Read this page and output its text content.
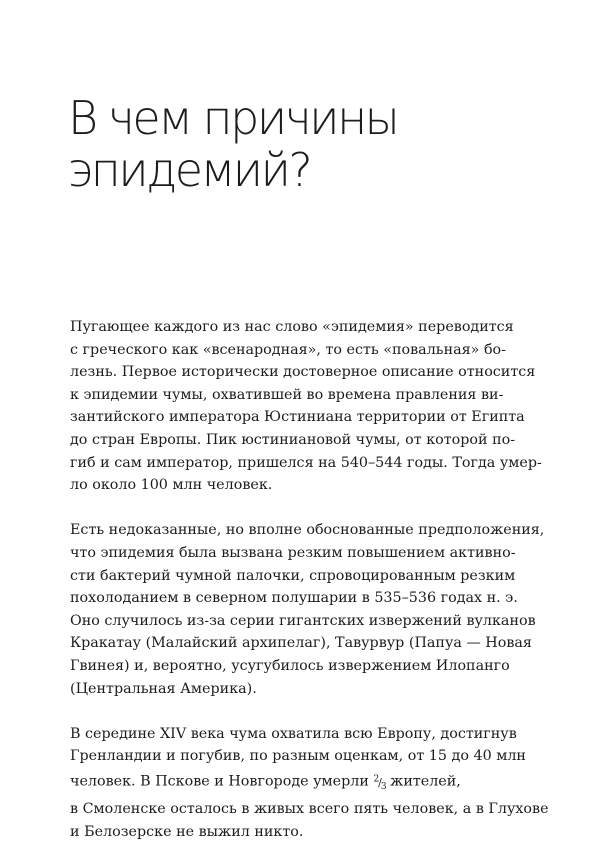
В чем причины
эпидемий?

Пугающее каждого из нас слово «эпидемия» переводится
с греческого как «всенародная», то есть «повальная» бо-
лезнь. Первое исторически достоверное описание относится
к эпидемии чумы, охватившей во времена правления ви-
зантийского императора Юстиниана территории от Египта
до стран Европы. Пик юстиниановой чумы, от которой по-
гиб и сам император, пришелся на 540–544 годы. Тогда умер-
ло около 100 млн человек.

Есть недоказанные, но вполне обоснованные предположения,
что эпидемия была вызвана резким повышением активно-
сти бактерий чумной палочки, спровоцированным резким
похолоданием в северном полушарии в 535–536 годах н. э.
Оно случилось из-за серии гигантских извержений вулканов
Кракатау (Малайский архипелаг), Тавурвур (Папуа — Новая
Гвинея) и, вероятно, усугубилось извержением Илопанго
(Центральная Америка).

В середине XIV века чума охватила всю Европу, достигнув
Гренландии и погубив, по разным оценкам, от 15 до 40 млн
человек. В Пскове и Новгороде умерли $^2/_3$ жителей,
в Смоленске осталось в живых всего пять человек, а в Глухове
и Белозерске не выжил никто.
